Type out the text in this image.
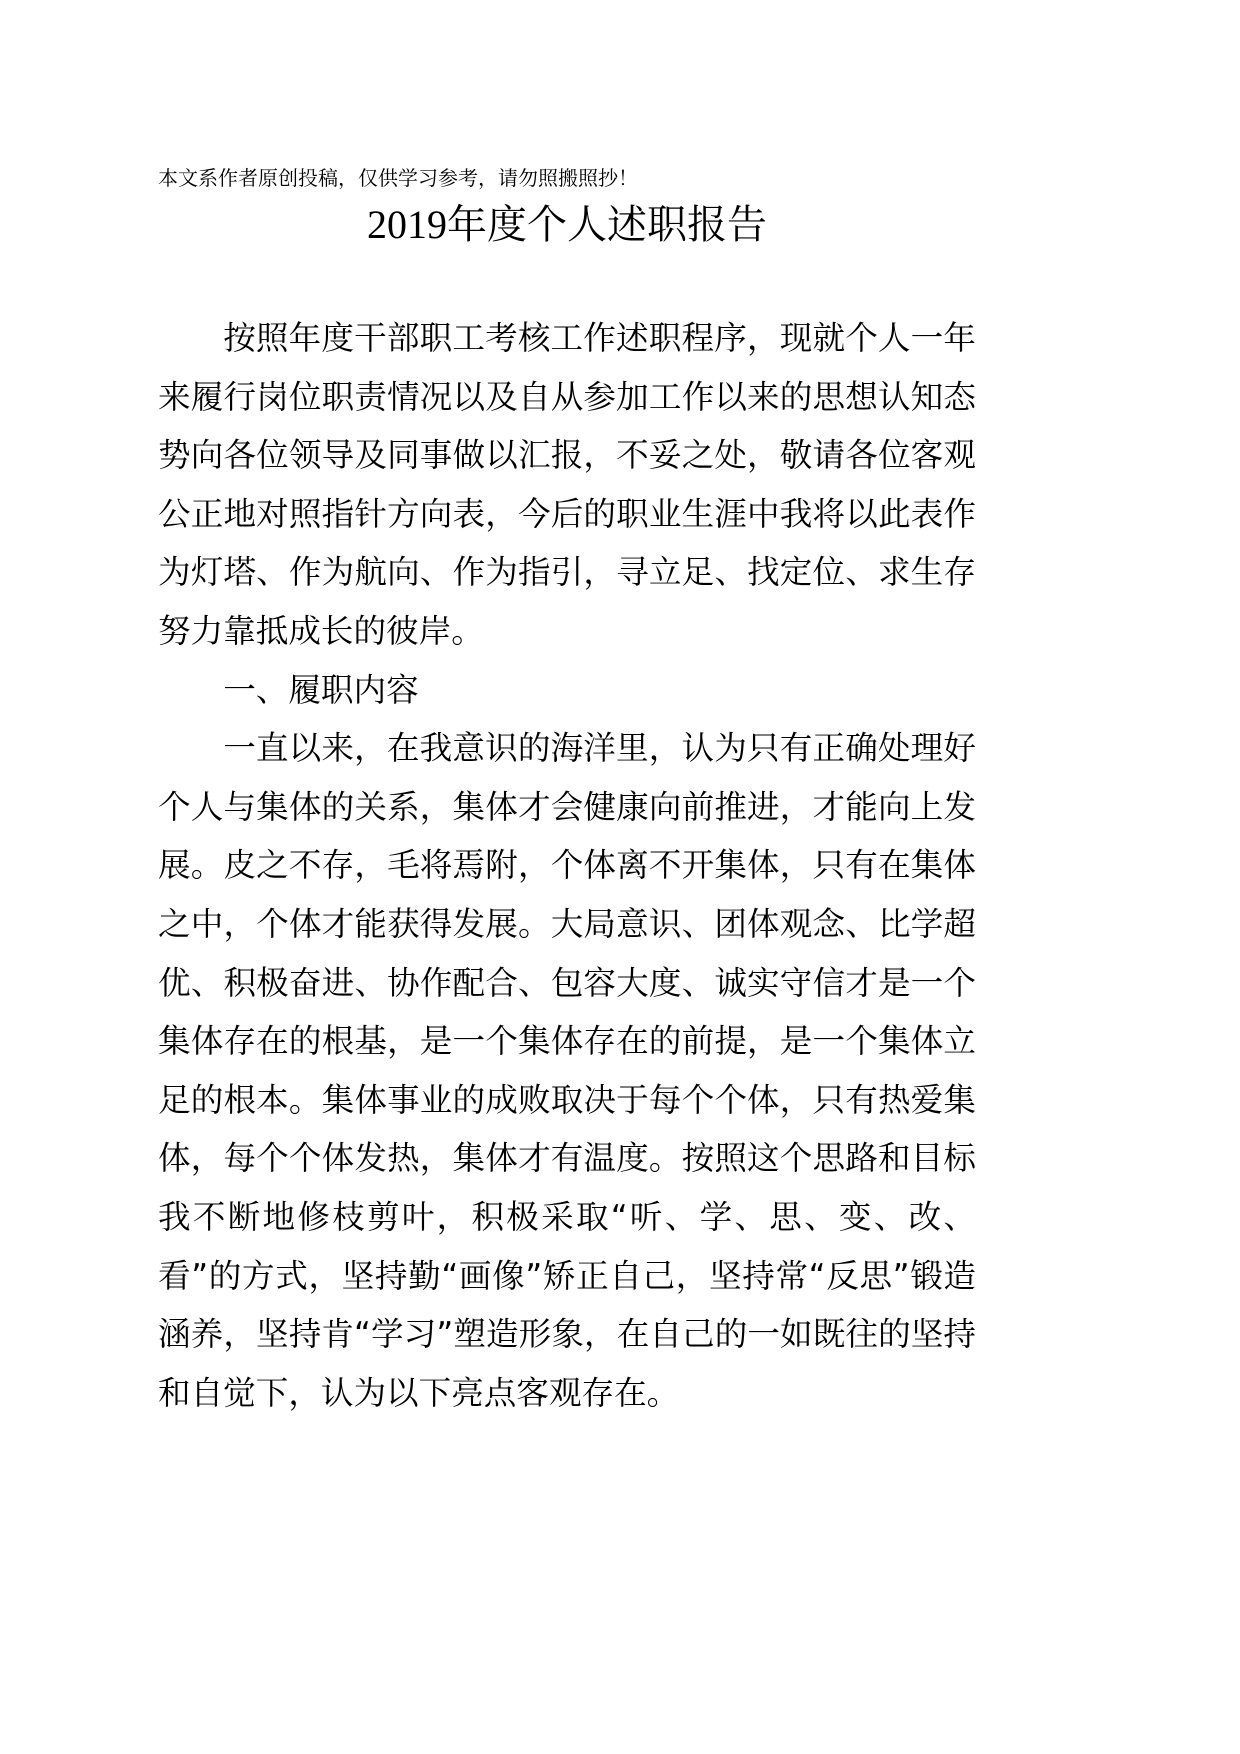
本文系作者原创投稿，仅供学习参考，请勿照搬照抄！
2019年度个人述职报告

按照年度干部职工考核工作述职程序，现就个人一年来履行岗位职责情况以及自从参加工作以来的思想认知态势向各位领导及同事做以汇报，不妥之处，敬请各位客观公正地对照指针方向表，今后的职业生涯中我将以此表作为灯塔、作为航向、作为指引，寻立足、找定位、求生存努力靠抵成长的彼岸。

一、履职内容

一直以来，在我意识的海洋里，认为只有正确处理好个人与集体的关系，集体才会健康向前推进，才能向上发展。皮之不存，毛将焉附，个体离不开集体，只有在集体之中，个体才能获得发展。大局意识、团体观念、比学超优、积极奋进、协作配合、包容大度、诚实守信才是一个集体存在的根基，是一个集体存在的前提，是一个集体立足的根本。集体事业的成败取决于每个个体，只有热爱集体，每个个体发热，集体才有温度。按照这个思路和目标我不断地修枝剪叶，积极采取“听、学、思、变、改、看”的方式，坚持勤“画像”矫正自己，坚持常“反思”锻造涵养，坚持肯“学习”塑造形象，在自己的一如既往的坚持和自觉下，认为以下亮点客观存在。
